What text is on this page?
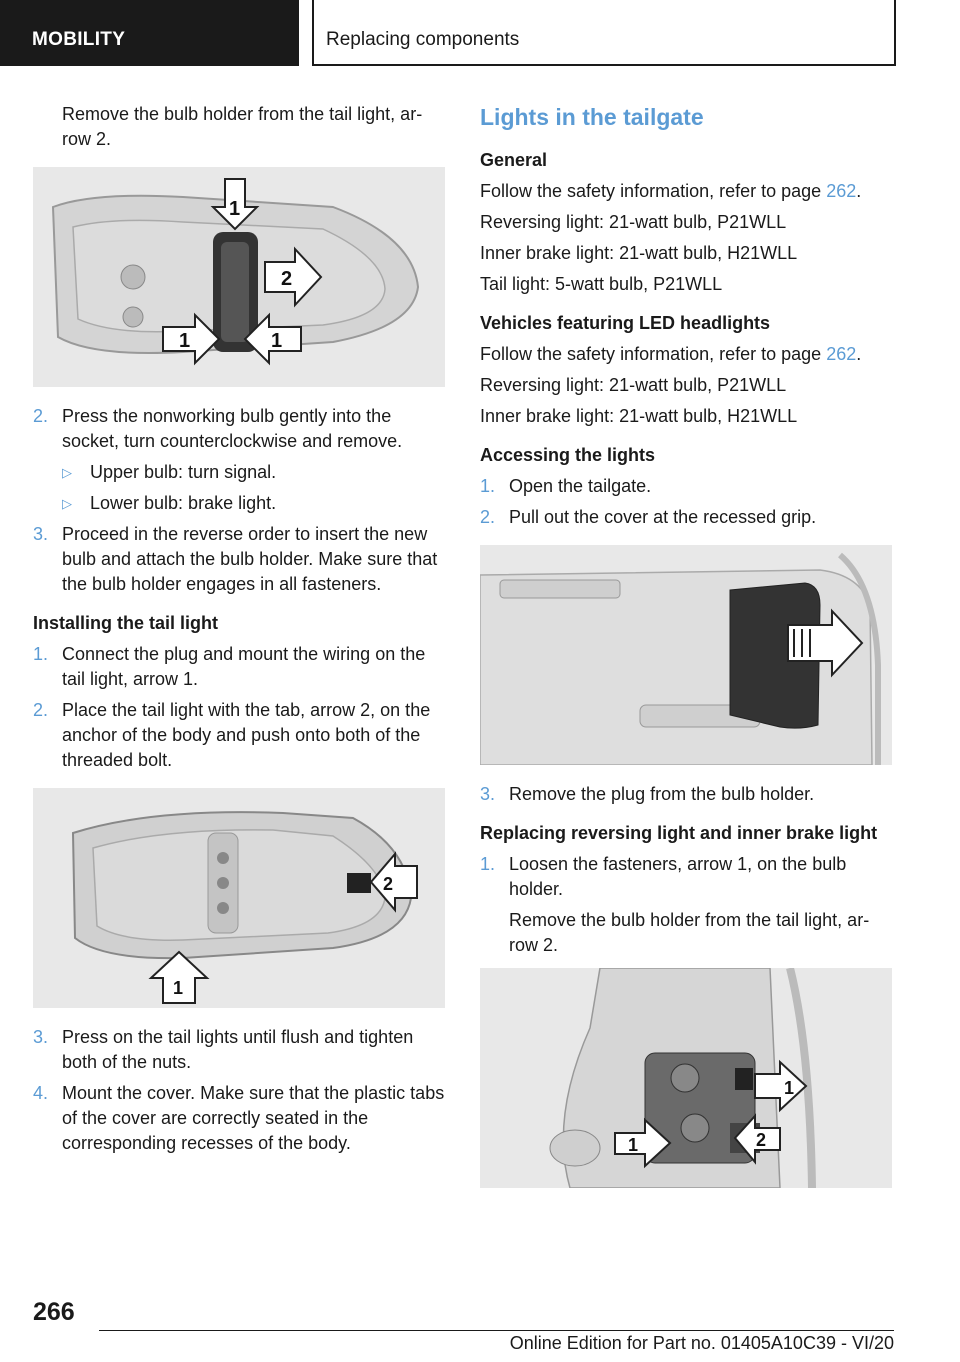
MOBILITY	Replacing components

Remove the bulb holder from the tail light, arrow 2.

1
2
1	1
2. Press the nonworking bulb gently into the socket, turn counterclockwise and remove.
▷ Upper bulb: turn signal.
▷ Lower bulb: brake light.
3. Proceed in the reverse order to insert the new bulb and attach the bulb holder. Make sure that the bulb holder engages in all fasteners.

Installing the tail light

1. Connect the plug and mount the wiring on the tail light, arrow 1.
2. Place the tail light with the tab, arrow 2, on the anchor of the body and push onto both of the threaded bolt.
2
1
3. Press on the tail lights until flush and tighten both of the nuts.
4. Mount the cover. Make sure that the plastic tabs of the cover are correctly seated in the corresponding recesses of the body.

Lights in the tailgate

General

Follow the safety information, refer to page 262.

Reversing light: 21-watt bulb, P21WLL

Inner brake light: 21-watt bulb, H21WLL

Tail light: 5-watt bulb, P21WLL

Vehicles featuring LED headlights

Follow the safety information, refer to page 262.

Reversing light: 21-watt bulb, P21WLL

Inner brake light: 21-watt bulb, H21WLL

Accessing the lights

1. Open the tailgate.
2. Pull out the cover at the recessed grip.
3. Remove the plug from the bulb holder.

Replacing reversing light and inner brake light

1. Loosen the fasteners, arrow 1, on the bulb holder.

Remove the bulb holder from the tail light, arrow 2.

1
1	2
266
Online Edition for Part no. 01405A10C39 - VI/20
